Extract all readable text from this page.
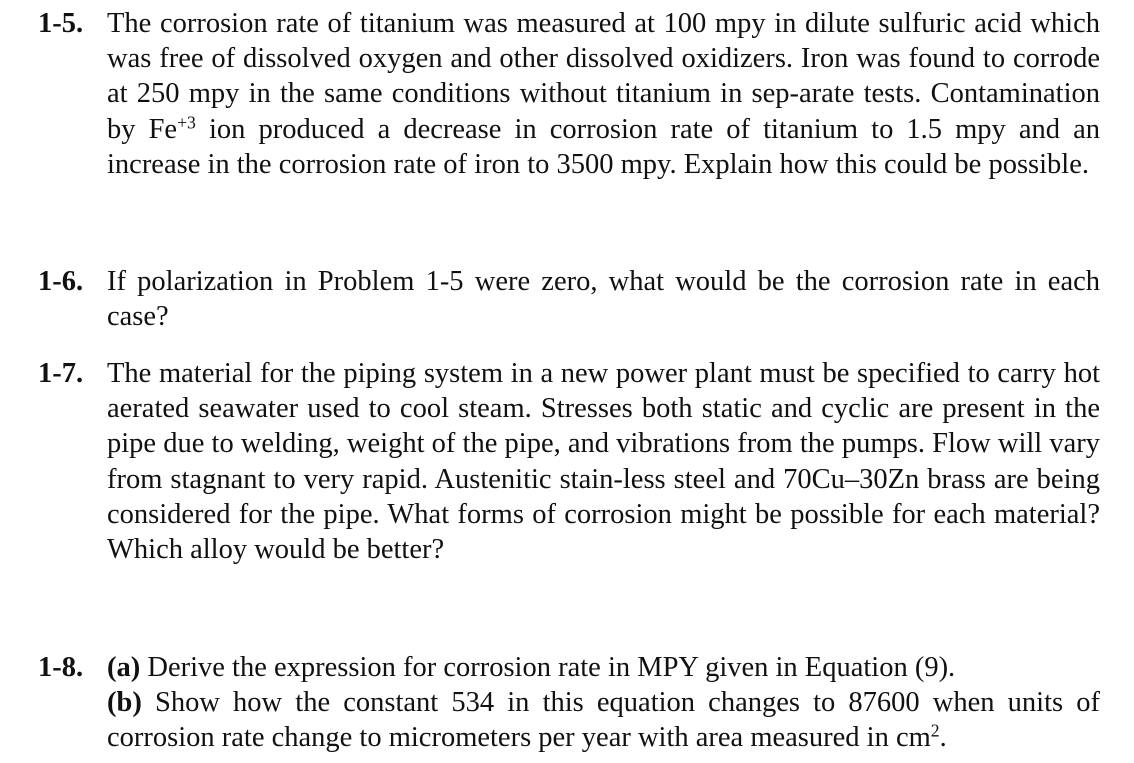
1-5. The corrosion rate of titanium was measured at 100 mpy in dilute sulfuric acid which was free of dissolved oxygen and other dissolved oxidizers. Iron was found to corrode at 250 mpy in the same conditions without titanium in sep-arate tests. Contamination by $Fe^{+3}$ ion produced a decrease in corrosion rate of titanium to 1.5 mpy and an increase in the corrosion rate of iron to 3500 mpy. Explain how this could be possible.
1-6. If polarization in Problem 1-5 were zero, what would be the corrosion rate in each case?
1-7. The material for the piping system in a new power plant must be specified to carry hot aerated seawater used to cool steam. Stresses both static and cyclic are present in the pipe due to welding, weight of the pipe, and vibrations from the pumps. Flow will vary from stagnant to very rapid. Austenitic stain-less steel and 70Cu–30Zn brass are being considered for the pipe. What forms of corrosion might be possible for each material? Which alloy would be better?
1-8. (a) Derive the expression for corrosion rate in MPY given in Equation (9).
(b) Show how the constant 534 in this equation changes to 87600 when units of corrosion rate change to micrometers per year with area measured in $cm^2$.
